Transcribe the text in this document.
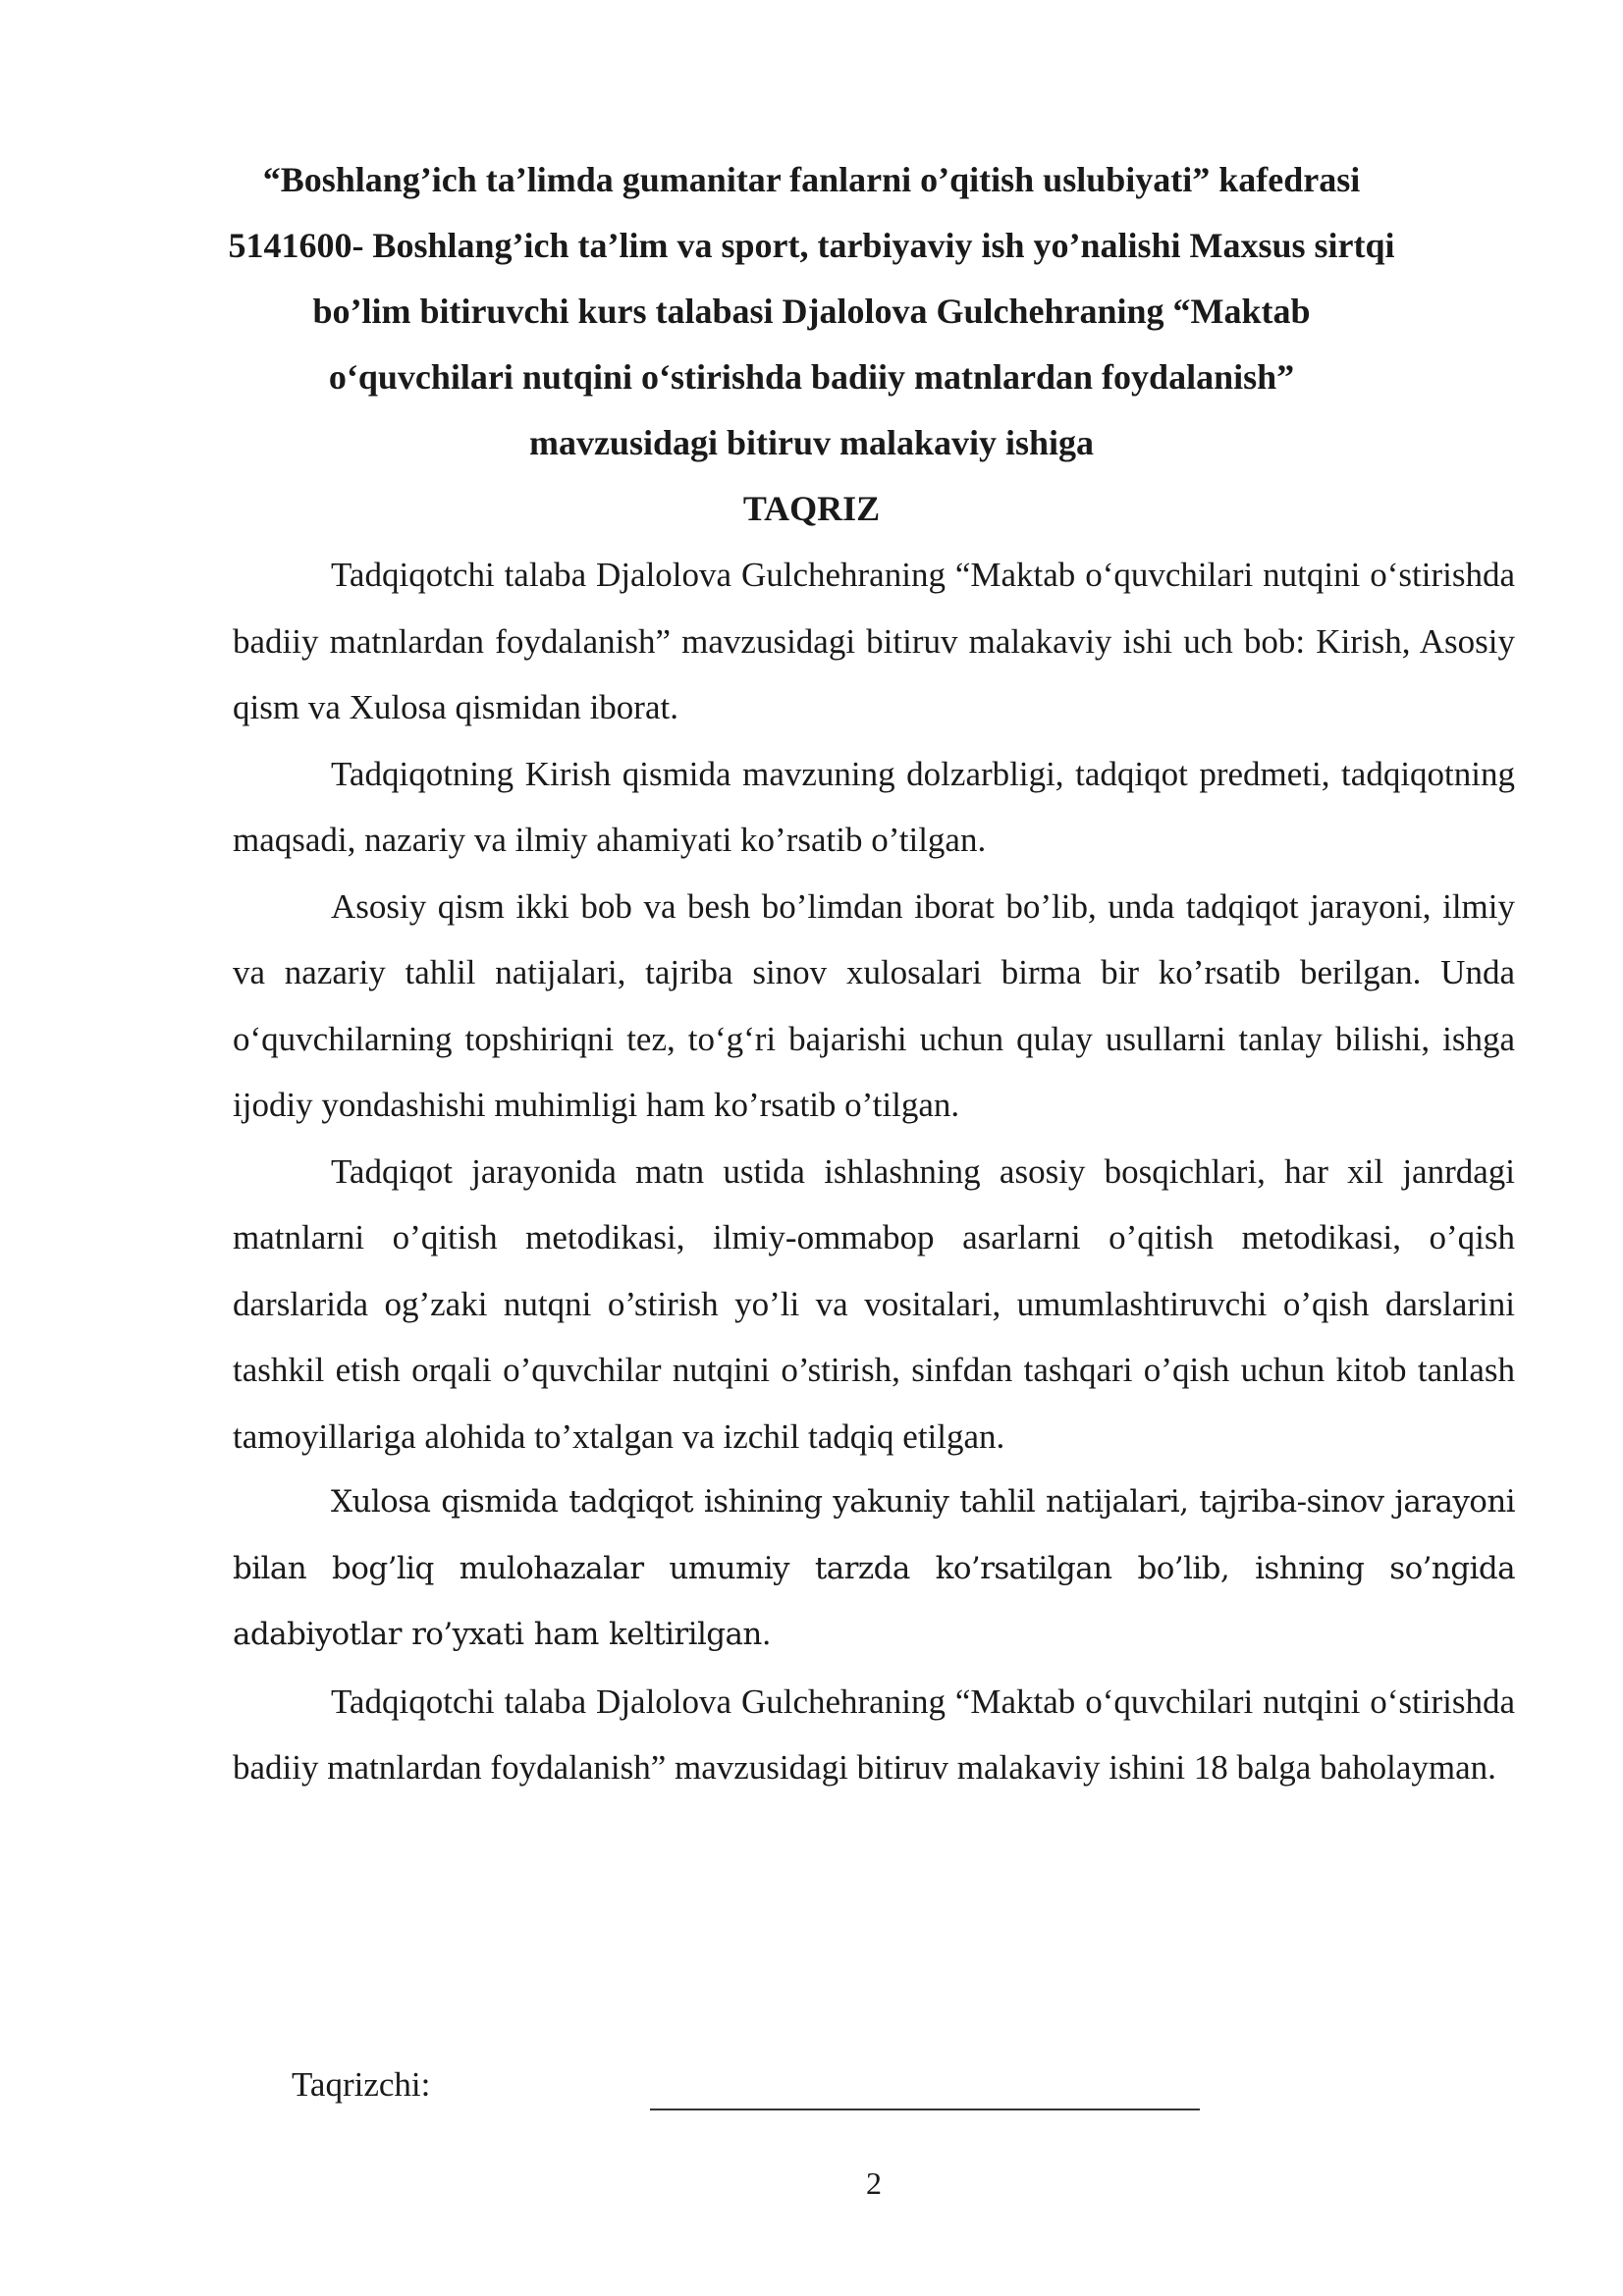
“Boshlang’ich ta’limda gumanitar fanlarni o’qitish uslubiyati” kafedrasi
5141600- Boshlang’ich ta’lim va sport, tarbiyaviy ish yo’nalishi Maxsus sirtqi
bo’lim bitiruvchi kurs talabasi Djalolova Gulchehraning “Maktab
o‘quvchilari nutqini o‘stirishda badiiy matnlardan foydalanish”
mavzusidagi bitiruv malakaviy ishiga
TAQRIZ

Tadqiqotchi talaba Djalolova Gulchehraning “Maktab o‘quvchilari nutqini o‘stirishda badiiy matnlardan foydalanish” mavzusidagi bitiruv malakaviy ishi uch bob: Kirish, Asosiy qism va Xulosa qismidan iborat.

Tadqiqotning Kirish qismida mavzuning dolzarbligi, tadqiqot predmeti, tadqiqotning maqsadi, nazariy va ilmiy ahamiyati ko’rsatib o’tilgan.

Asosiy qism ikki bob va besh bo’limdan iborat bo’lib, unda tadqiqot jarayoni, ilmiy va nazariy tahlil natijalari, tajriba sinov xulosalari birma bir ko’rsatib berilgan. Unda o‘quvchilarning topshiriqni tez, to‘g‘ri bajarishi uchun qulay usullarni tanlay bilishi, ishga ijodiy yondashishi muhimligi ham ko’rsatib o’tilgan.

Tadqiqot jarayonida matn ustida ishlashning asosiy bosqichlari, har xil janrdagi matnlarni o’qitish metodikasi, ilmiy-ommabop asarlarni o’qitish metodikasi, o’qish darslarida og’zaki nutqni o’stirish yo’li va vositalari, umumlashtiruvchi o’qish darslarini tashkil etish orqali o’quvchilar nutqini o’stirish, sinfdan tashqari o’qish uchun kitob tanlash tamoyillariga alohida to’xtalgan va izchil tadqiq etilgan.

Xulosa qismida tadqiqot ishining yakuniy tahlil natijalari, tajriba-sinov jarayoni bilan bog’liq mulohazalar umumiy tarzda ko’rsatilgan bo’lib, ishning so’ngida adabiyotlar ro’yxati ham keltirilgan.

Tadqiqotchi talaba Djalolova Gulchehraning “Maktab o‘quvchilari nutqini o‘stirishda badiiy matnlardan foydalanish” mavzusidagi bitiruv malakaviy ishini 18 balga baholayman.

Taqrizchi:
2
